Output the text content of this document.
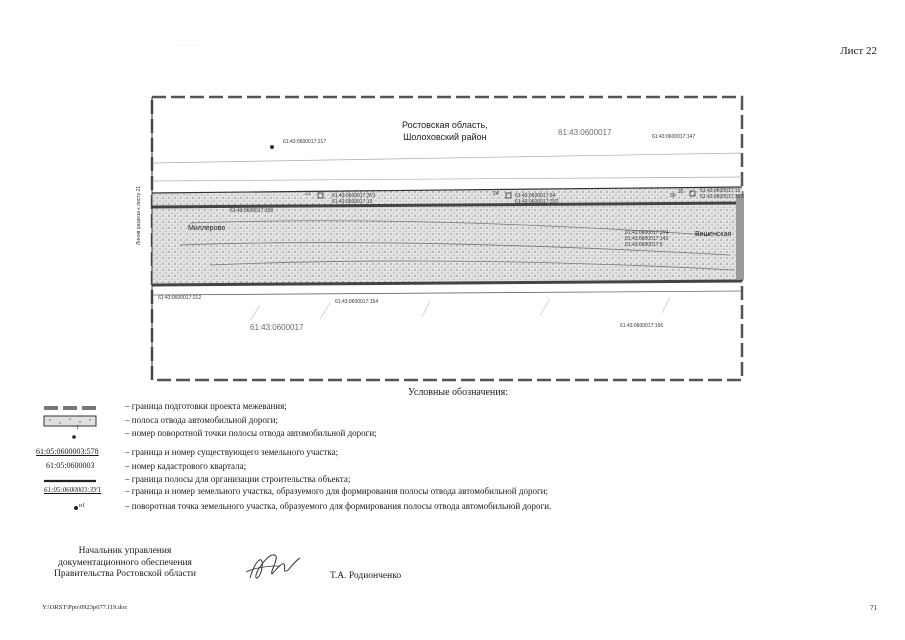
Лист 22
· · · · · · ·
Ростовская область,
Шолоховский район	61:43:0600017
61:43:0600017
Миллерово
Вешенская
61:43:0600017:217
61:43:0600017:147
61:43:0600017:159
61:43:0600017:154
61:43:0600017:212
61:43:0600017:156
61:43:0600017:ЗУ1
61:43:0600017:13
61:43:0600017:34
61:43:0600017:ЗУ2
61:43:0600017:15
61:43:0600017:ЗУ3
61:43:0600017:ЗУ4
61:43:0600017:143
61:43:0600017:5
23	24	35
36
Линия разреза к листу 21
Условные обозначения:
– граница подготовки проекта межевания;
– полоса отвода автомобильной дороги;
1	– номер поворотной точки полосы отвода автомобильной дороги;
61:05:0600003:578	– граница и номер существующего земельного участка;
61:05:0600003	– номер кадастрового квартала;
– граница полосы для организации строительства объекта;
61:05:0600003:ЗУ1	– граница и номер земельного участка, образуемого для формирования полосы отвода автомобильной дороги;
н1	– поворотная точка земельного участка, образуемого для формирования полосы отвода автомобильной дороги.
Начальник управления
документационного обеспечения
Правительства Ростовской области	Т.А. Родионченко
Y:\ORST\Ppo\0923p677.f19.doc	71
